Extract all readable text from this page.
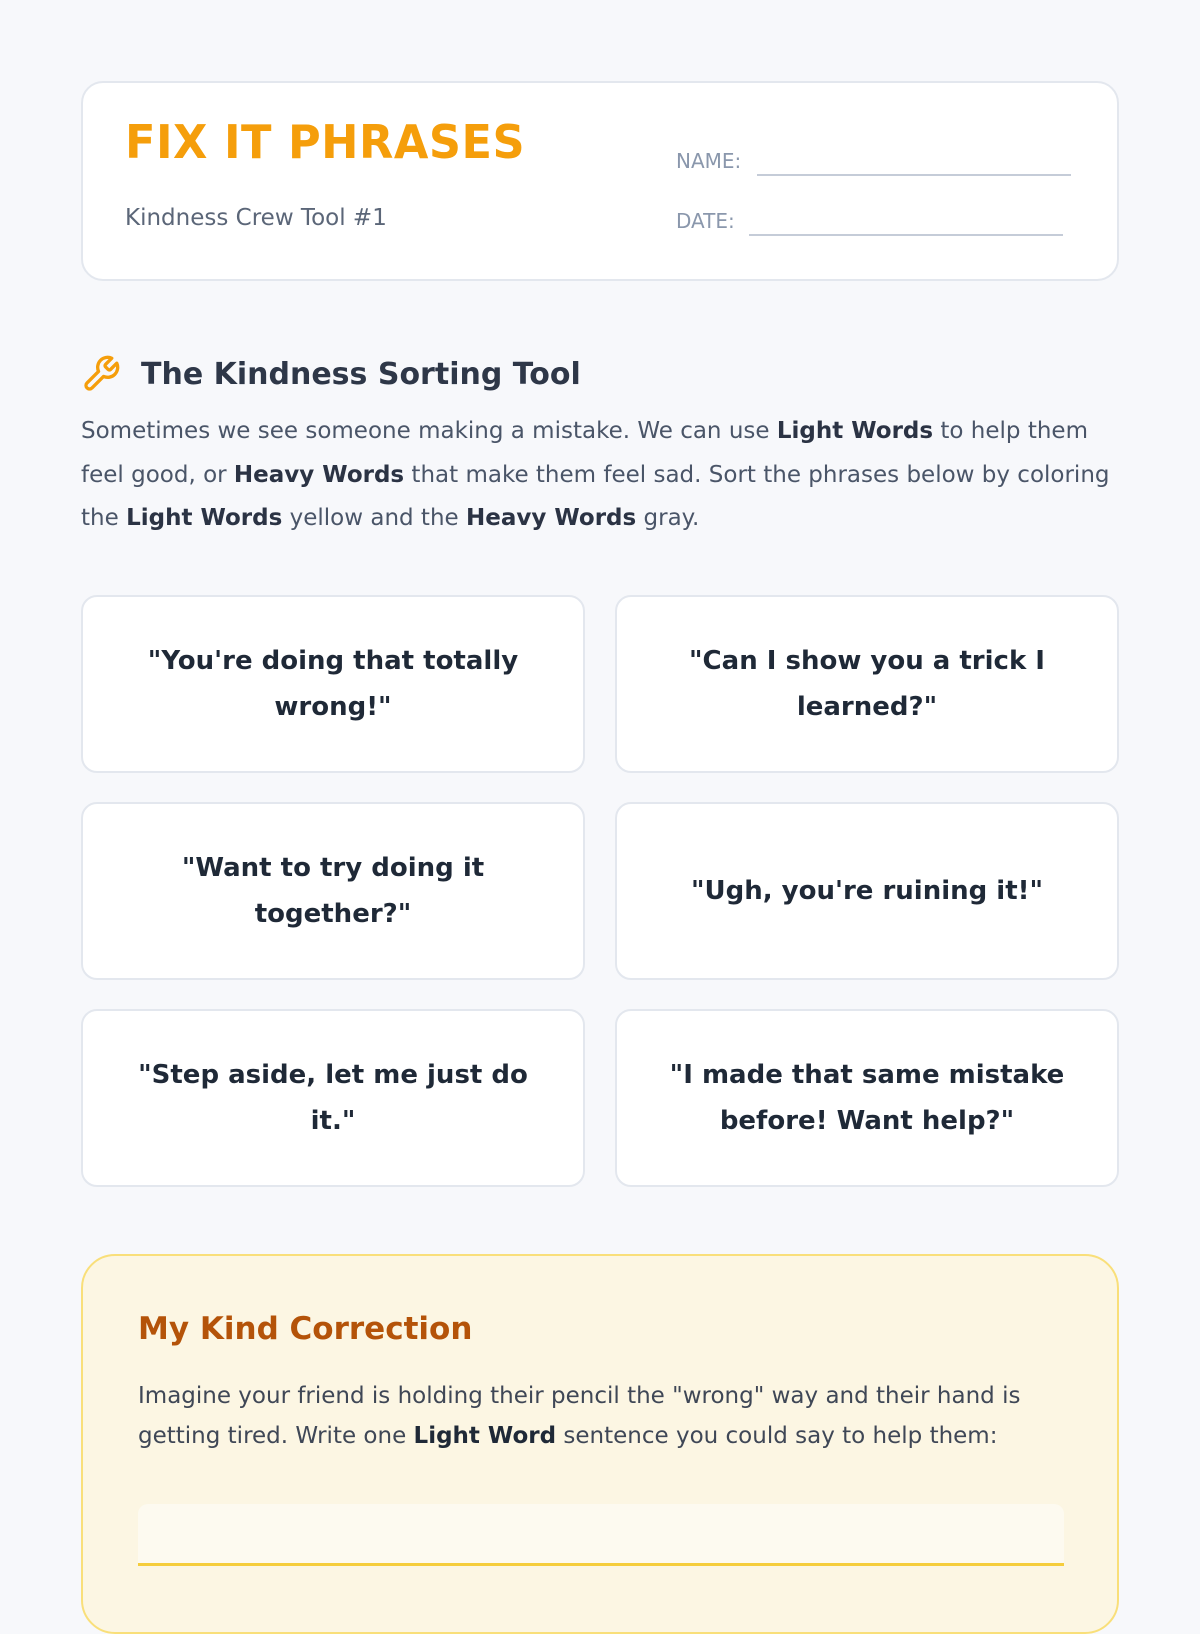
FIX IT PHRASES
Kindness Crew Tool #1
NAME:
DATE:
The Kindness Sorting Tool

Sometimes we see someone making a mistake. We can use Light Words to help them feel good, or Heavy Words that make them feel sad. Sort the phrases below by coloring the Light Words yellow and the Heavy Words gray.

"You're doing that totally wrong!"
"Can I show you a trick I learned?"
"Want to try doing it together?"
"Ugh, you're ruining it!"
"Step aside, let me just do it."
"I made that same mistake before! Want help?"
My Kind Correction

Imagine your friend is holding their pencil the "wrong" way and their hand is getting tired. Write one Light Word sentence you could say to help them:
